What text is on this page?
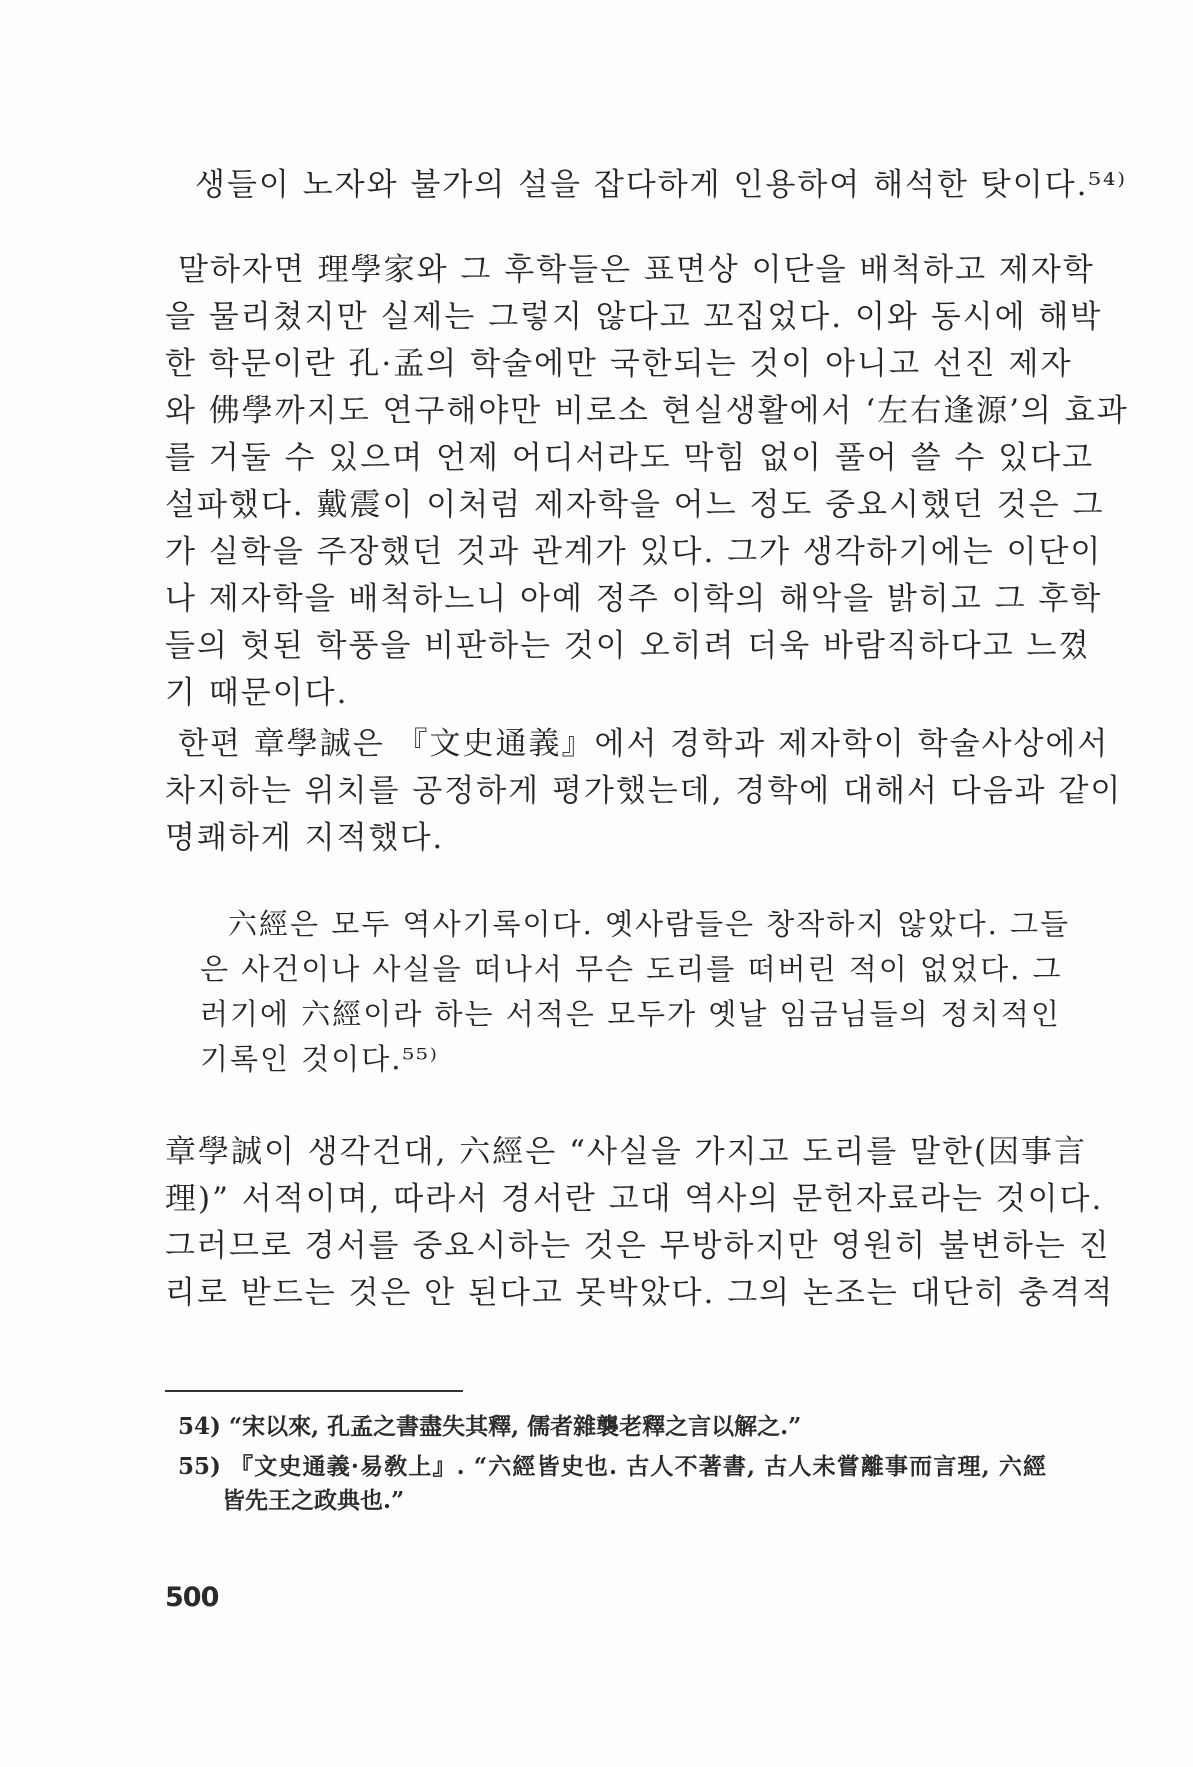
생들이 노자와 불가의 설을 잡다하게 인용하여 해석한 탓이다.⁵⁴⁾
말하자면 理學家와 그 후학들은 표면상 이단을 배척하고 제자학
을 물리쳤지만 실제는 그렇지 않다고 꼬집었다. 이와 동시에 해박
한 학문이란 孔·孟의 학술에만 국한되는 것이 아니고 선진 제자
와 佛學까지도 연구해야만 비로소 현실생활에서 ‘左右逢源’의 효과
를 거둘 수 있으며 언제 어디서라도 막힘 없이 풀어 쓸 수 있다고
설파했다. 戴震이 이처럼 제자학을 어느 정도 중요시했던 것은 그
가 실학을 주장했던 것과 관계가 있다. 그가 생각하기에는 이단이
나 제자학을 배척하느니 아예 정주 이학의 해악을 밝히고 그 후학
들의 헛된 학풍을 비판하는 것이 오히려 더욱 바람직하다고 느꼈
기 때문이다.
한편 章學誠은 『文史通義』에서 경학과 제자학이 학술사상에서
차지하는 위치를 공정하게 평가했는데, 경학에 대해서 다음과 같이
명쾌하게 지적했다.
六經은 모두 역사기록이다. 옛사람들은 창작하지 않았다. 그들
은 사건이나 사실을 떠나서 무슨 도리를 떠버린 적이 없었다. 그
러기에 六經이라 하는 서적은 모두가 옛날 임금님들의 정치적인
기록인 것이다.⁵⁵⁾
章學誠이 생각건대, 六經은 “사실을 가지고 도리를 말한(因事言
理)” 서적이며, 따라서 경서란 고대 역사의 문헌자료라는 것이다.
그러므로 경서를 중요시하는 것은 무방하지만 영원히 불변하는 진
리로 받드는 것은 안 된다고 못박았다. 그의 논조는 대단히 충격적
54) “宋以來, 孔孟之書盡失其釋, 儒者雜襲老釋之言以解之.”
55) 『文史通義·易敎上』. “六經皆史也. 古人不著書, 古人未嘗離事而言理, 六經
皆先王之政典也.”
500
